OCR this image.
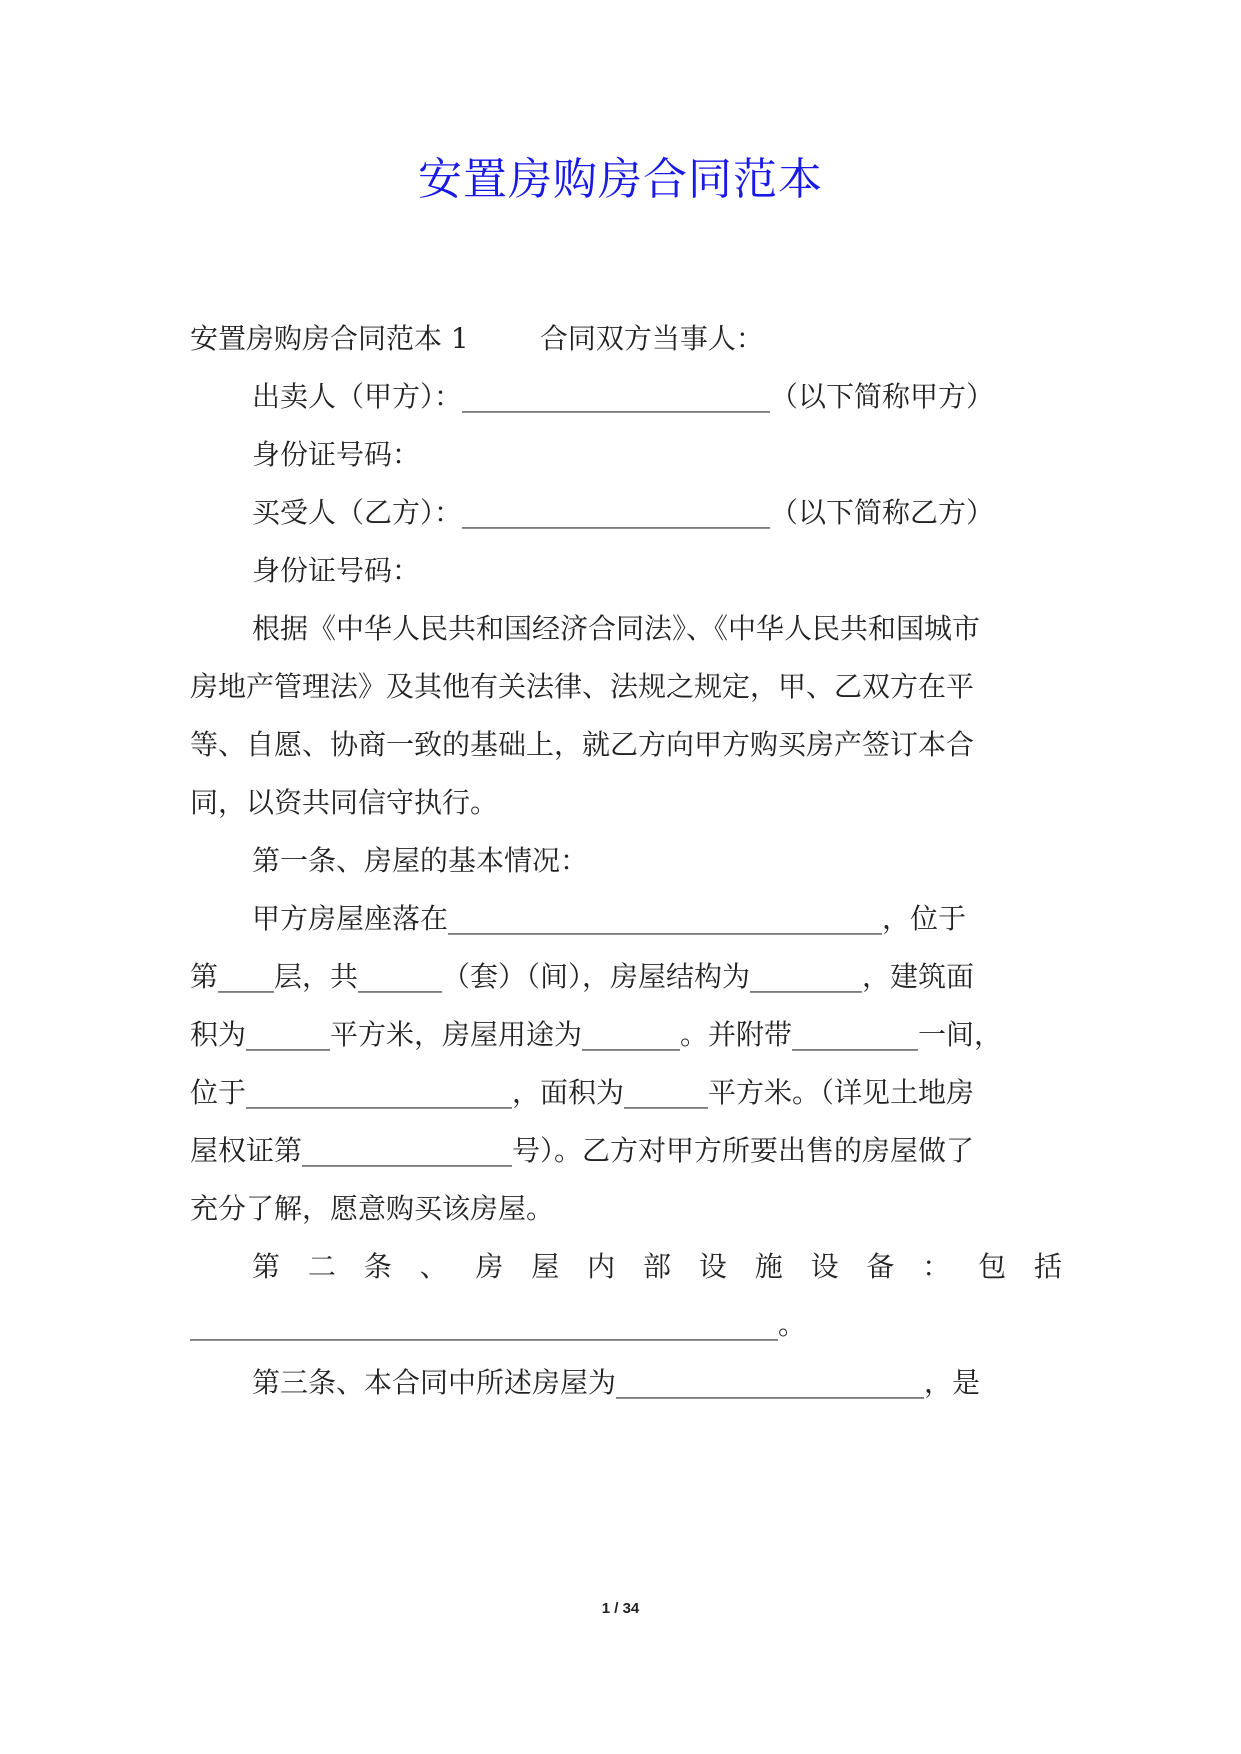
安置房购房合同范本
安置房购房合同范本 1        合同双方当事人：
出卖人（甲方）：______________________（以下简称甲方）
身份证号码：
买受人（乙方）：______________________（以下简称乙方）
身份证号码：
根据《中华人民共和国经济合同法》、《中华人民共和国城市
房地产管理法》及其他有关法律、法规之规定，甲、乙双方在平
等、自愿、协商一致的基础上，就乙方向甲方购买房产签订本合
同，以资共同信守执行。
第一条、房屋的基本情况：
甲方房屋座落在_______________________________，位于
第____层，共______（套）（间），房屋结构为________，建筑面
积为______平方米，房屋用途为_______。并附带_________一间，
位于___________________，面积为______平方米。（详见土地房
屋权证第_______________号）。乙方对甲方所要出售的房屋做了
充分了解，愿意购买该房屋。
第 二 条 、 房 屋 内 部 设 施 设 备 ： 包 括
__________________________________________。
第三条、本合同中所述房屋为______________________，是
1 / 34
